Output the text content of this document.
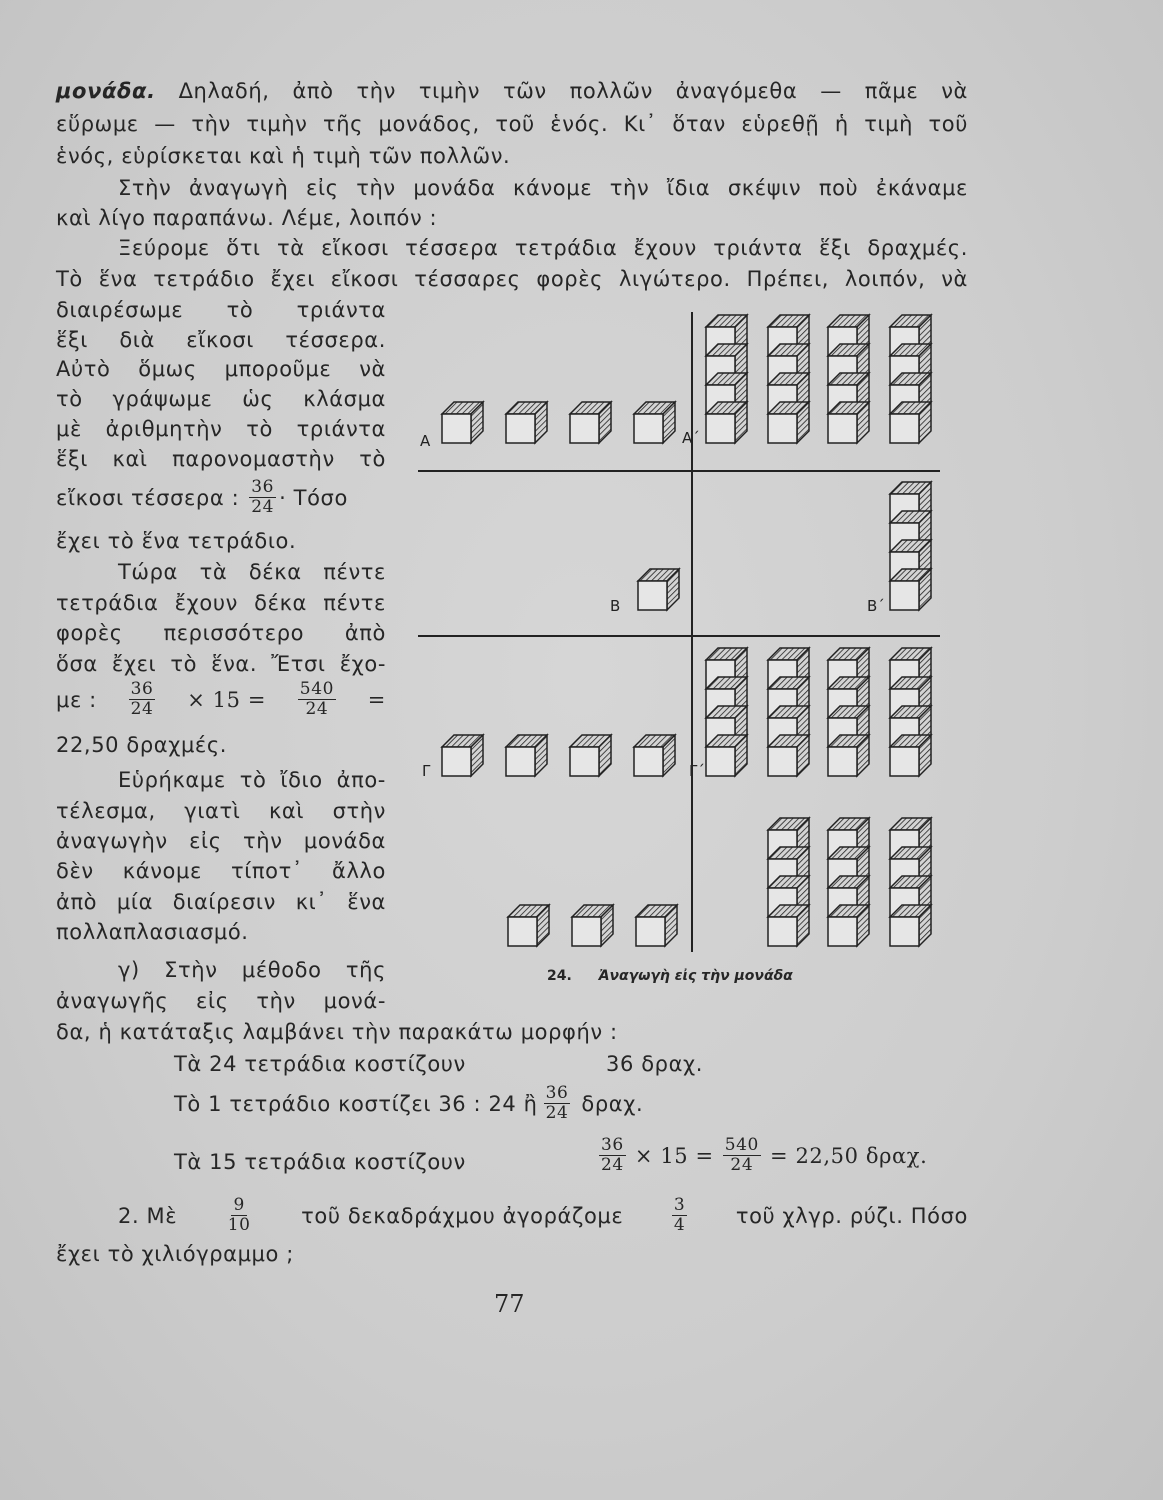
μονάδα. Δηλαδή, ἀπὸ τὴν τιμὴν τῶν πολλῶν ἀναγόμεθα — πᾶμε νὰ
εὕρωμε — τὴν τιμὴν τῆς μονάδος, τοῦ ἑνός. Κι᾿ ὅταν εὑρεθῇ ἡ τιμὴ τοῦ
ἑνός, εὑρίσκεται καὶ ἡ τιμὴ τῶν πολλῶν.
Στὴν ἀναγωγὴ εἰς τὴν μονάδα κάνομε τὴν ἴδια σκέψιν ποὺ ἐκάναμε
καὶ λίγο παραπάνω. Λέμε, λοιπόν :
Ξεύρομε ὅτι τὰ εἴκοσι τέσσερα τετράδια ἔχουν τριάντα ἕξι δραχμές.
Τὸ ἕνα τετράδιο ἔχει εἴκοσι τέσσαρες φορὲς λιγώτερο. Πρέπει, λοιπόν, νὰ
διαιρέσωμε τὸ τριάντα
ἕξι διὰ εἴκοσι τέσσερα.
Αὐτὸ ὅμως μποροῦμε νὰ
τὸ γράψωμε ὡς κλάσμα
μὲ ἀριθμητὴν τὸ τριάντα
ἕξι καὶ παρονομαστὴν τὸ
εἴκοσι τέσσερα : $\frac{36}{24} \cdot Tό\sigma o$
ἔχει τὸ ἕνα τετράδιο.
Τώρα τὰ δέκα πέντε
τετράδια ἔχουν δέκα πέντε
φορὲς περισσότερο ἀπὸ
ὅσα ἔχει τὸ ἕνα. Ἔτσι ἔχο-
με : $\frac{36}{24} \times 15 = \frac{540}{24}$ =
22,50 δραχμές.
Εὑρήκαμε τὸ ἴδιο ἀπο-
τέλεσμα, γιατὶ καὶ στὴν
ἀναγωγὴν εἰς τὴν μονάδα
δὲν κάνομε τίποτ᾿ ἄλλο
ἀπὸ μία διαίρεσιν κι᾿ ἕνα
πολλαπλασιασμό.
γ) Στὴν μέθοδο τῆς
ἀναγωγῆς εἰς τὴν μονά-
δα, ἡ κατάταξις λαμβάνει τὴν παρακάτω μορφήν :
Α	Α΄
Β	Β΄
Γ	Γ΄
24. Ἀναγωγὴ εἰς τὴν μονάδα
Τὰ 24 τετράδια κοστίζουν	36 δραχ.
Τὸ 1 τετράδιο κοστίζει 36 : 24 ἢ $\frac{36}{24} \delta\rho\alpha\chi$.
Τὰ 15 τετράδια κοστίζουν	$\frac{36}{24} \times 15 = \frac{540}{24} = 22,50$ δραχ.
2. Μὲ	$\frac{9}{10}$ τοῦ δεκαδράχμου ἀγοράζομε	$\frac{3}{4}$ τοῦ χλγρ. ρύζι. Πόσο
ἔχει τὸ χιλιόγραμμο ;
77
